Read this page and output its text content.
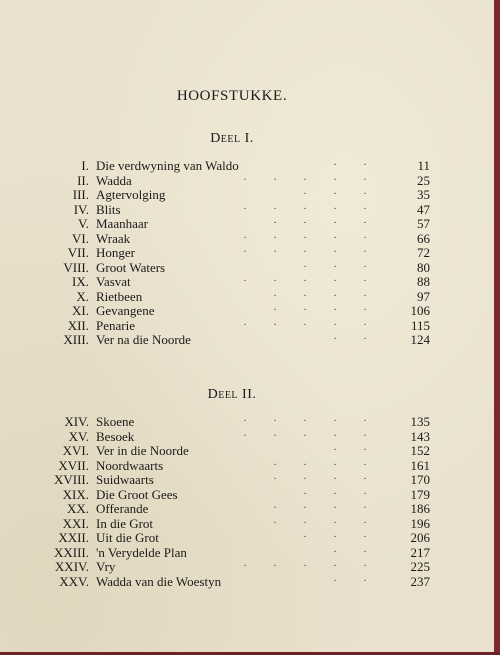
HOOFSTUKKE.
Deel I.
I. Die verdwyning van Waldo	·	·	11
II. Wadda	·	·	·	·	·	25
III. Agtervolging	·	·	·	35
IV. Blits	·	·	·	·	·	47
V. Maanhaar	·	·	·	·	57
VI. Wraak	·	·	·	·	·	66
VII. Honger	·	·	·	·	·	72
VIII. Groot Waters	·	·	·	80
IX. Vasvat	·	·	·	·	·	88
X. Rietbeen	·	·	·	·	97
XI. Gevangene	·	·	·	·	106
XII. Penarie	·	·	·	·	·	115
XIII. Ver na die Noorde	·	·	124
Deel II.
XIV. Skoene	·	·	·	·	·	135
XV. Besoek	·	·	·	·	·	143
XVI. Ver in die Noorde	·	·	152
XVII. Noordwaarts	·	·	·	·	161
XVIII. Suidwaarts	·	·	·	·	170
XIX. Die Groot Gees	·	·	·	179
XX. Offerande	·	·	·	·	186
XXI. In die Grot	·	·	·	·	196
XXII. Uit die Grot	·	·	·	206
XXIII. 'n Verydelde Plan	·	·	217
XXIV. Vry	·	·	·	·	·	225
XXV. Wadda van die Woestyn	·	·	237
